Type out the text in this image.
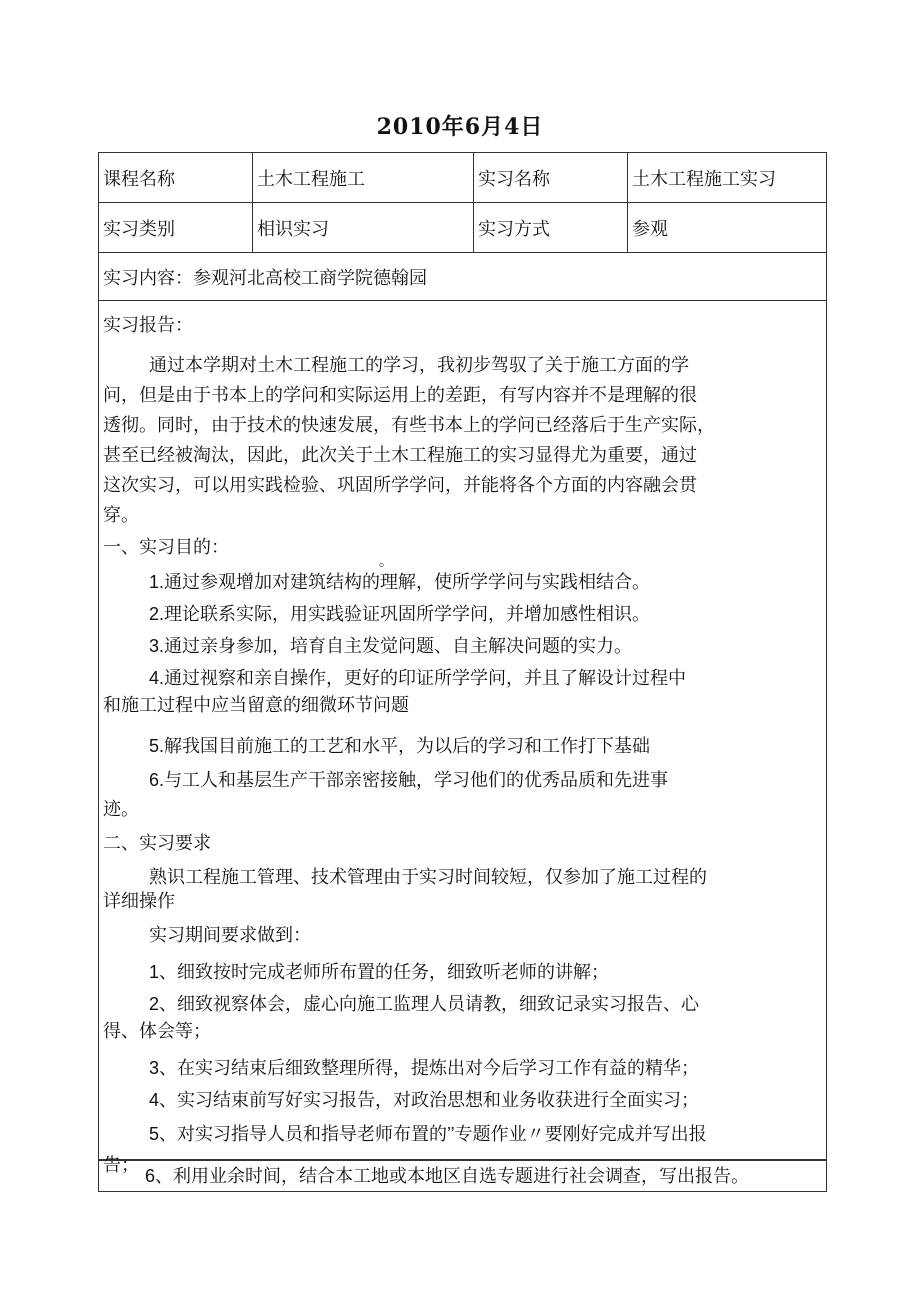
2010年6月4日
课程名称	土木工程施工	实习名称	土木工程施工实习
实习类别	相识实习	实习方式	参观
实习内容：参观河北高校工商学院德翰园

实习报告：

通过本学期对土木工程施工的学习，我初步驾驭了关于施工方面的学

问，但是由于书本上的学问和实际运用上的差距，有写内容并不是理解的很

透彻。同时，由于技术的快速发展，有些书本上的学问已经落后于生产实际，

甚至已经被淘汰，因此，此次关于土木工程施工的实习显得尤为重要，通过

这次实习，可以用实践检验、巩固所学学问，并能将各个方面的内容融会贯

穿。

一、实习目的：

1.通过参观增加对建筑结构的理解，使所学学问与实践相结合。

2.理论联系实际，用实践验证巩固所学学问，并增加感性相识。

3.通过亲身参加，培育自主发觉问题、自主解决问题的实力。

4.通过视察和亲自操作，更好的印证所学学问，并且了解设计过程中

和施工过程中应当留意的细微环节问题

5.解我国目前施工的工艺和水平，为以后的学习和工作打下基础

6.与工人和基层生产干部亲密接触，学习他们的优秀品质和先进事

迹。

二、实习要求

熟识工程施工管理、技术管理由于实习时间较短，仅参加了施工过程的

详细操作

实习期间要求做到：

1、细致按时完成老师所布置的任务，细致听老师的讲解；

2、细致视察体会，虚心向施工监理人员请教，细致记录实习报告、心

得、体会等；

3、在实习结束后细致整理所得，提炼出对今后学习工作有益的精华；

4、实习结束前写好实习报告，对政治思想和业务收获进行全面实习；

5、对实习指导人员和指导老师布置的’’专题作业〃要刚好完成并写出报

告；

。
6、利用业余时间，结合本工地或本地区自选专题进行社会调查，写出报告。
